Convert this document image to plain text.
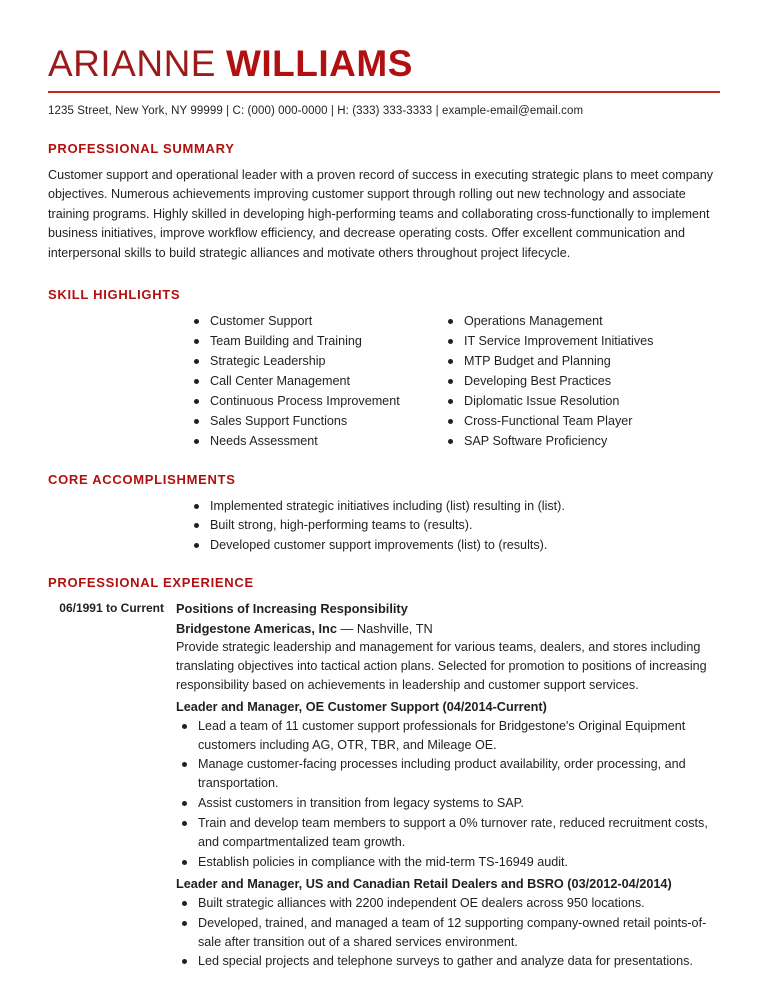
ARIANNE WILLIAMS
1235 Street, New York, NY 99999 | C: (000) 000-0000 | H: (333) 333-3333 | example-email@email.com
PROFESSIONAL SUMMARY
Customer support and operational leader with a proven record of success in executing strategic plans to meet company objectives. Numerous achievements improving customer support through rolling out new technology and associate training programs. Highly skilled in developing high-performing teams and collaborating cross-functionally to implement business initiatives, improve workflow efficiency, and decrease operating costs. Offer excellent communication and interpersonal skills to build strategic alliances and motivate others throughout project lifecycle.
SKILL HIGHLIGHTS
Customer Support
Team Building and Training
Strategic Leadership
Call Center Management
Continuous Process Improvement
Sales Support Functions
Needs Assessment
Operations Management
IT Service Improvement Initiatives
MTP Budget and Planning
Developing Best Practices
Diplomatic Issue Resolution
Cross-Functional Team Player
SAP Software Proficiency
CORE ACCOMPLISHMENTS
Implemented strategic initiatives including (list) resulting in (list).
Built strong, high-performing teams to (results).
Developed customer support improvements (list) to (results).
PROFESSIONAL EXPERIENCE
06/1991 to Current Positions of Increasing Responsibility
Bridgestone Americas, Inc — Nashville, TN
Provide strategic leadership and management for various teams, dealers, and stores including translating objectives into tactical action plans. Selected for promotion to positions of increasing responsibility based on achievements in leadership and customer support services.
Leader and Manager, OE Customer Support (04/2014-Current)
Lead a team of 11 customer support professionals for Bridgestone's Original Equipment customers including AG, OTR, TBR, and Mileage OE.
Manage customer-facing processes including product availability, order processing, and transportation.
Assist customers in transition from legacy systems to SAP.
Train and develop team members to support a 0% turnover rate, reduced recruitment costs, and compartmentalized team growth.
Establish policies in compliance with the mid-term TS-16949 audit.
Leader and Manager, US and Canadian Retail Dealers and BSRO (03/2012-04/2014)
Built strategic alliances with 2200 independent OE dealers across 950 locations.
Developed, trained, and managed a team of 12 supporting company-owned retail points-of-sale after transition out of a shared services environment.
Led special projects and telephone surveys to gather and analyze data for presentations.
